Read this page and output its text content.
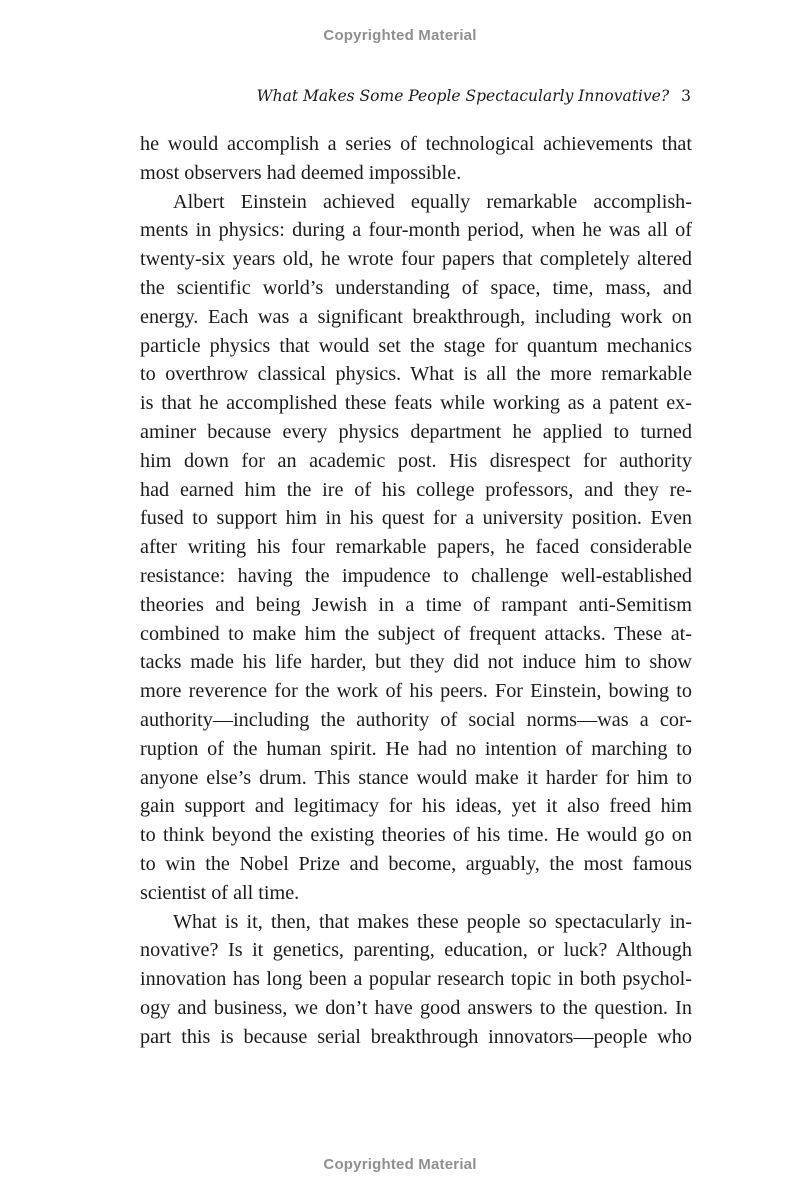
Copyrighted Material
What Makes Some People Spectacularly Innovative? 3

he would accomplish a series of technological achievements that
most observers had deemed impossible.

Albert Einstein achieved equally remarkable accomplish-
ments in physics: during a four-month period, when he was all of
twenty-six years old, he wrote four papers that completely altered
the scientific world’s understanding of space, time, mass, and
energy. Each was a significant breakthrough, including work on
particle physics that would set the stage for quantum mechanics
to overthrow classical physics. What is all the more remarkable
is that he accomplished these feats while working as a patent ex-
aminer because every physics department he applied to turned
him down for an academic post. His disrespect for authority
had earned him the ire of his college professors, and they re-
fused to support him in his quest for a university position. Even
after writing his four remarkable papers, he faced considerable
resistance: having the impudence to challenge well-established
theories and being Jewish in a time of rampant anti-Semitism
combined to make him the subject of frequent attacks. These at-
tacks made his life harder, but they did not induce him to show
more reverence for the work of his peers. For Einstein, bowing to
authority—including the authority of social norms—was a cor-
ruption of the human spirit. He had no intention of marching to
anyone else’s drum. This stance would make it harder for him to
gain support and legitimacy for his ideas, yet it also freed him
to think beyond the existing theories of his time. He would go on
to win the Nobel Prize and become, arguably, the most famous
scientist of all time.

What is it, then, that makes these people so spectacularly in-
novative? Is it genetics, parenting, education, or luck? Although
innovation has long been a popular research topic in both psychol-
ogy and business, we don’t have good answers to the question. In
part this is because serial breakthrough innovators—people who

Copyrighted Material
